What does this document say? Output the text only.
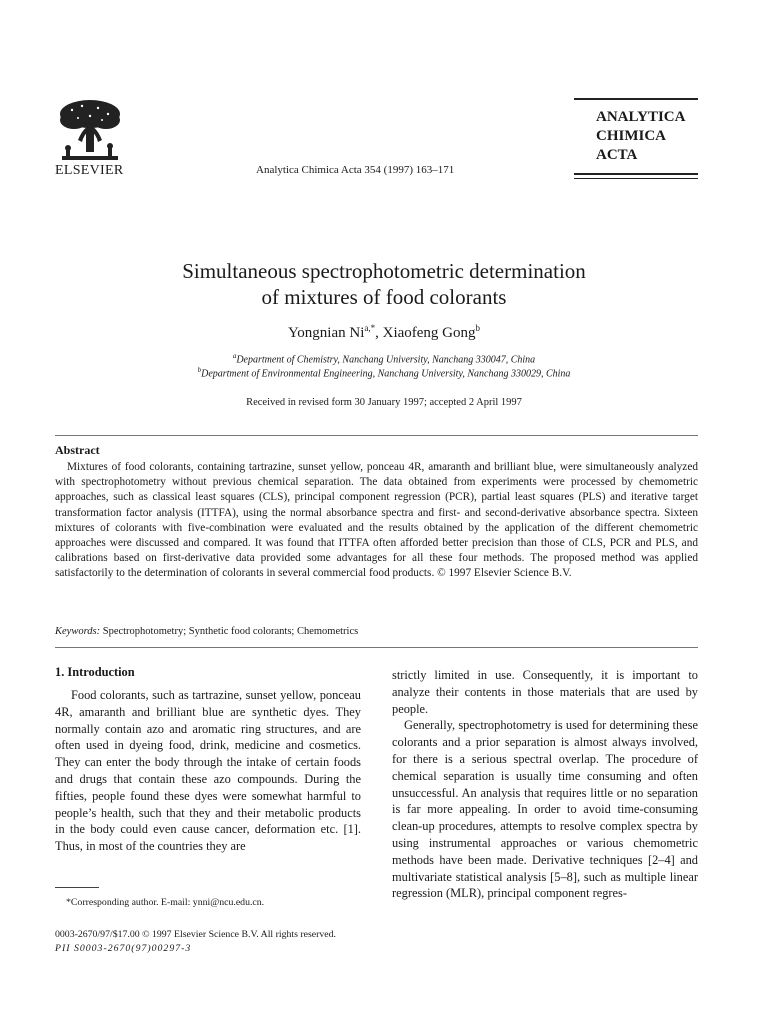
ELSEVIER	Analytica Chimica Acta 354 (1997) 163–171
ANALYTICA
CHIMICA
ACTA
Simultaneous spectrophotometric determination
of mixtures of food colorants
Yongnian $Ni^{a,*}$, Xiaofeng Gong$^b$
$^a$Department of Chemistry, Nanchang University, Nanchang 330047, China
$^b$Department of Environmental Engineering, Nanchang University, Nanchang 330029, China
Received in revised form 30 January 1997; accepted 2 April 1997
Abstract
Mixtures of food colorants, containing tartrazine, sunset yellow, ponceau 4R, amaranth and brilliant blue, were simultaneously analyzed with spectrophotometry without previous chemical separation. The data obtained from experiments were processed by chemometric approaches, such as classical least squares (CLS), principal component regression (PCR), partial least squares (PLS) and iterative target transformation factor analysis (ITTFA), using the normal absorbance spectra and first- and second-derivative absorbance spectra. Sixteen mixtures of colorants with five-combination were evaluated and the results obtained by the application of the different chemometric approaches were discussed and compared. It was found that ITTFA often afforded better precision than those of CLS, PCR and PLS, and calibrations based on first-derivative data provided some advantages for all these four methods. The proposed method was applied satisfactorily to the determination of colorants in several commercial food products. © 1997 Elsevier Science B.V.
Keywords: Spectrophotometry; Synthetic food colorants; Chemometrics
1. Introduction
Food colorants, such as tartrazine, sunset yellow, ponceau 4R, amaranth and brilliant blue are synthetic dyes. They normally contain azo and aromatic ring structures, and are often used in dyeing food, drink, medicine and cosmetics. They can enter the body through the intake of certain foods and drugs that contain these azo compounds. During the fifties, people found these dyes were somewhat harmful to people’s health, such that they and their metabolic products in the body could even cause cancer, deformation etc. [1]. Thus, in most of the countries they are

strictly limited in use. Consequently, it is important to analyze their contents in those materials that are used by people.

Generally, spectrophotometry is used for determining these colorants and a prior separation is almost always involved, for there is a serious spectral overlap. The procedure of chemical separation is usually time consuming and often unsuccessful. An analysis that requires little or no separation is far more appealing. In order to avoid time-consuming clean-up procedures, attempts to resolve complex spectra by using instrumental approaches or various chemometric methods have been made. Derivative techniques [2–4] and multivariate statistical analysis [5–8], such as multiple linear regression (MLR), principal component regres-

*Corresponding author. E-mail: ynni@ncu.edu.cn.
0003-2670/97/$17.00 © 1997 Elsevier Science B.V. All rights reserved.
PII S0003-2670(97)00297-3
